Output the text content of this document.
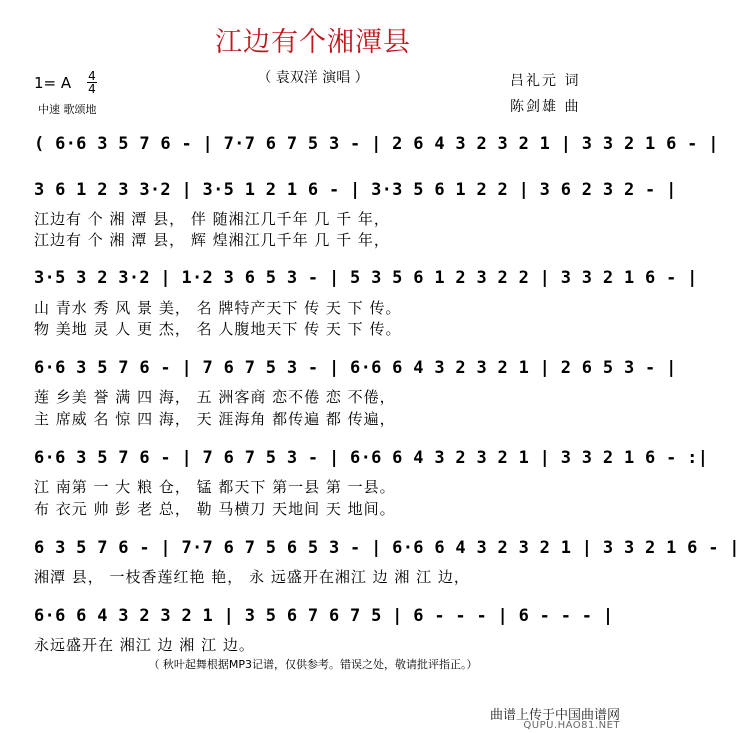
江边有个湘潭县
（ 袁双洋 演唱 ）
1= A 4
4
中速 歌颂地
吕礼元 词
陈剑雄 曲
( 6·6 3 5 7 6 - | 7·7 6 7 5 3 - | 2 6 4 3 2 3 2 1 | 3 3 2 1 6 - |
3 6 1 2 3 3·2 | 3·5 1 2 1 6 - | 3·3 5 6 1 2 2 | 3 6 2 3 2 - |
江边有 个 湘 潭 县， 伴 随湘江几千年 几 千 年，
江边有 个 湘 潭 县， 辉 煌湘江几千年 几 千 年，
3·5 3 2 3·2 | 1·2 3 6 5 3 - | 5 3 5 6 1 2 3 2 2 | 3 3 2 1 6 - |
山 青水 秀 风 景 美， 名 牌特产天下 传 天 下 传。
物 美地 灵 人 更 杰， 名 人腹地天下 传 天 下 传。
6·6 3 5 7 6 - | 7 6 7 5 3 - | 6·6 6 4 3 2 3 2 1 | 2 6 5 3 - |
莲 乡美 誉 满 四 海， 五 洲客商 恋不倦 恋 不倦，
主 席威 名 惊 四 海， 天 涯海角 都传遍 都 传遍，
6·6 3 5 7 6 - | 7 6 7 5 3 - | 6·6 6 4 3 2 3 2 1 | 3 3 2 1 6 - :|
江 南第 一 大 粮 仓， 锰 都天下 第一县 第 一县。
布 衣元 帅 彭 老 总， 勒 马横刀 天地间 天 地间。
6 3 5 7 6 - | 7·7 6 7 5 6 5 3 - | 6·6 6 4 3 2 3 2 1 | 3 3 2 1 6 - |
湘潭 县， 一枝香莲红艳 艳， 永 远盛开在湘江 边 湘 江 边，
6·6 6 4 3 2 3 2 1 | 3 5 6 7 6 7 5 | 6 - - - | 6 - - - |
永远盛开在 湘江 边 湘 江 边。
（ 秋叶起舞根据MP3记谱，仅供参考。错误之处，敬请批评指正。）
曲谱上传于中国曲谱网
QUPU.HAO81.NET
